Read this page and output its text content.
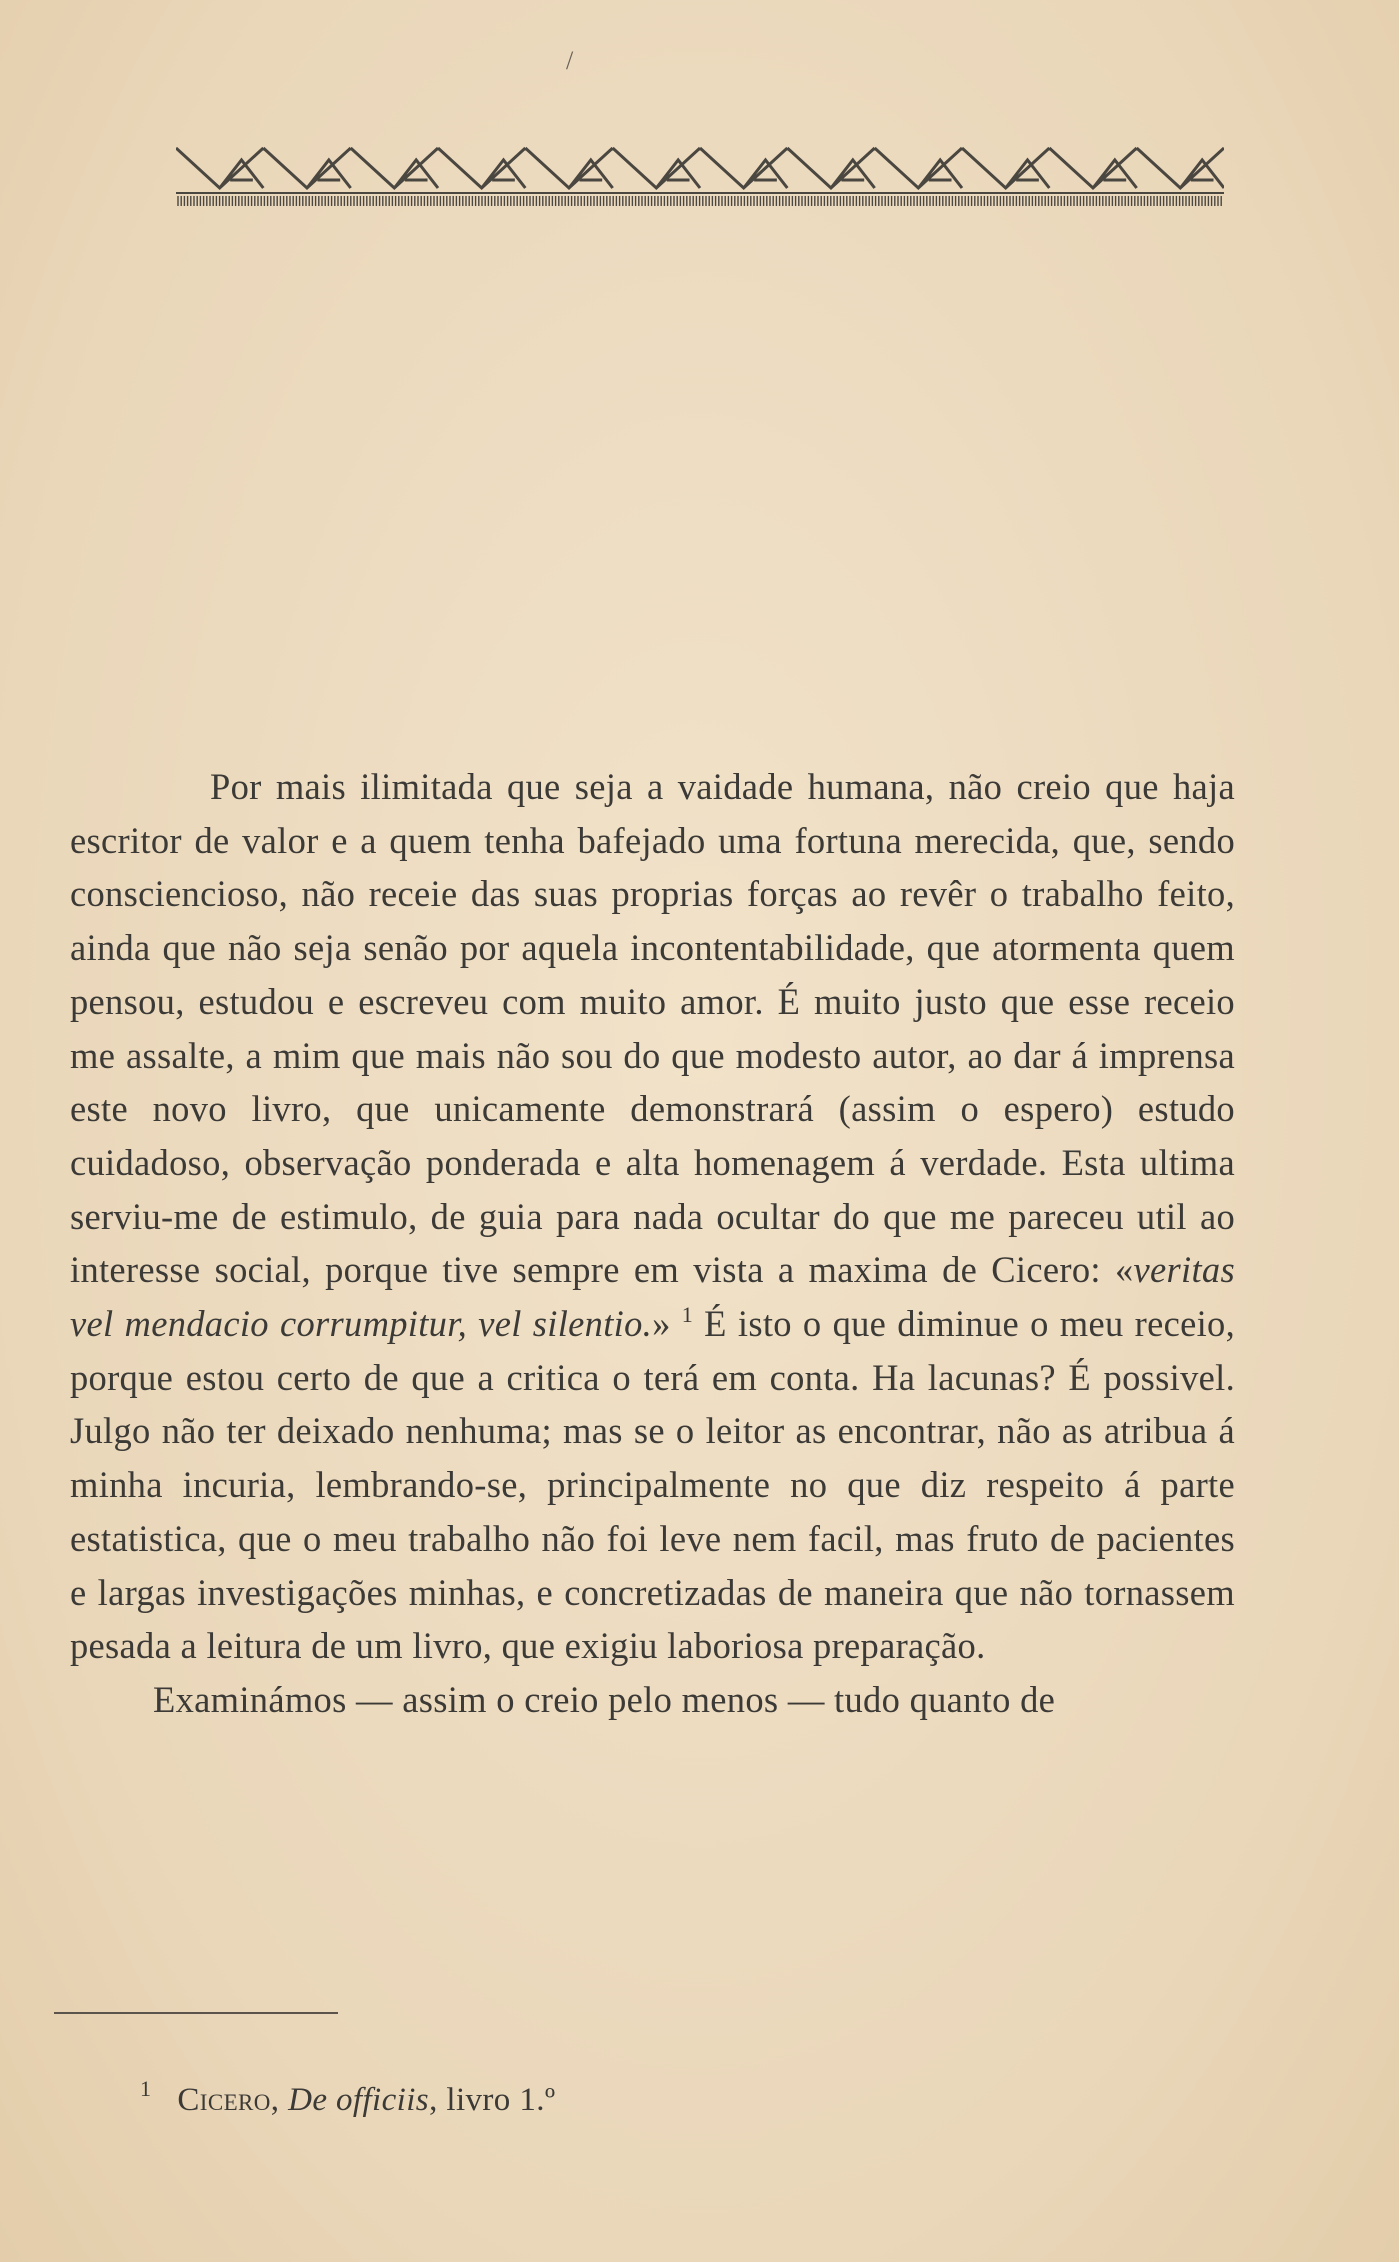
/

Por mais ilimitada que seja a vaidade humana, não creio que haja escritor de valor e a quem tenha bafejado uma fortuna merecida, que, sendo consciencioso, não receie das suas proprias forças ao revêr o trabalho feito, ainda que não seja senão por aquela incontentabilidade, que atormenta quem pensou, estudou e escreveu com muito amor. É muito justo que esse receio me assalte, a mim que mais não sou do que modesto autor, ao dar á imprensa este novo livro, que unicamente demonstrará (assim o espero) estudo cuidadoso, observação ponderada e alta homenagem á verdade. Esta ultima serviu-me de estimulo, de guia para nada ocultar do que me pareceu util ao interesse social, porque tive sempre em vista a maxima de Cicero: «veritas vel mendacio corrumpitur, vel silentio.» $^1$ É isto o que diminue o meu receio, porque estou certo de que a critica o terá em conta. Ha lacunas? É possivel. Julgo não ter deixado nenhuma; mas se o leitor as encontrar, não as atribua á minha incuria, lembrando-se, principalmente no que diz respeito á parte estatistica, que o meu trabalho não foi leve nem facil, mas fruto de pacientes e largas investigações minhas, e concretizadas de maneira que não tornassem pesada a leitura de um livro, que exigiu laboriosa preparação.

Examinámos — assim o creio pelo menos — tudo quanto de

$^1$ Cicero, De officiis, livro 1.º
